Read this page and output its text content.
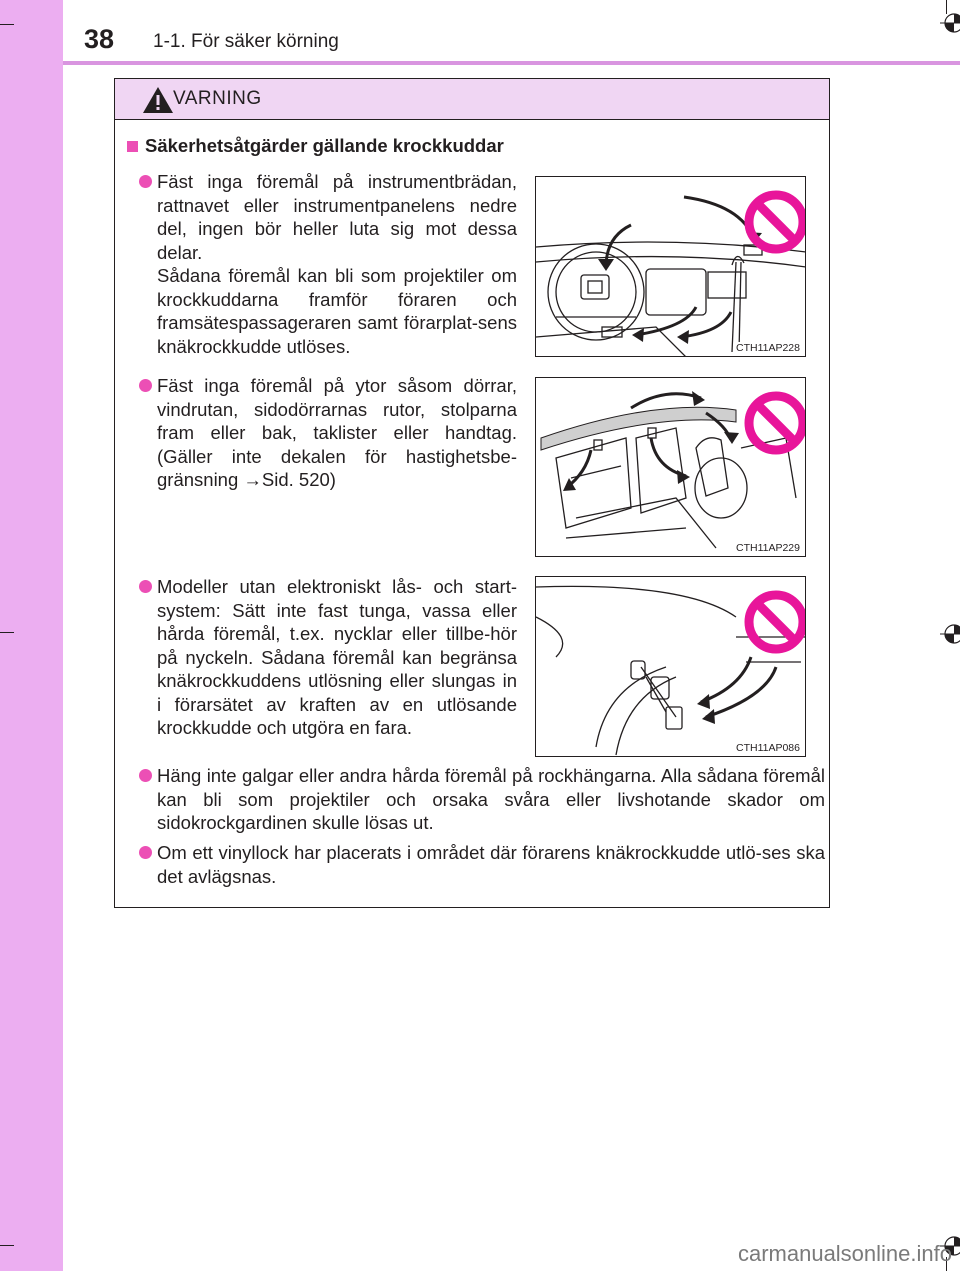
38 1-1. För säker körning
VARNING
Säkerhetsåtgärder gällande krockkuddar

Fäst inga föremål på instrumentbrädan, rattnavet eller instrumentpanelens nedre del, ingen bör heller luta sig mot dessa delar.

Sådana föremål kan bli som projektiler om krockkuddarna framför föraren och framsätespassageraren samt förarplat-sens knäkrockkudde utlöses.	CTH11AP228

Fäst inga föremål på ytor såsom dörrar, vindrutan, sidodörrarnas rutor, stolparna fram eller bak, taklister eller handtag. (Gäller inte dekalen för hastighetsbe-gränsning →Sid. 520)

CTH11AP229

Modeller utan elektroniskt lås- och start-system: Sätt inte fast tunga, vassa eller hårda föremål, t.ex. nycklar eller tillbe-hör på nyckeln. Sådana föremål kan begränsa knäkrockkuddens utlösning eller slungas in i förarsätet av kraften av en utlösande krockkudde och utgöra en fara.

CTH11AP086

Häng inte galgar eller andra hårda föremål på rockhängarna. Alla sådana föremål kan bli som projektiler och orsaka svåra eller livshotande skador om sidokrockgardinen skulle lösas ut.

Om ett vinyllock har placerats i området där förarens knäkrockkudde utlö-ses ska det avlägsnas.

carmanualsonline.info
